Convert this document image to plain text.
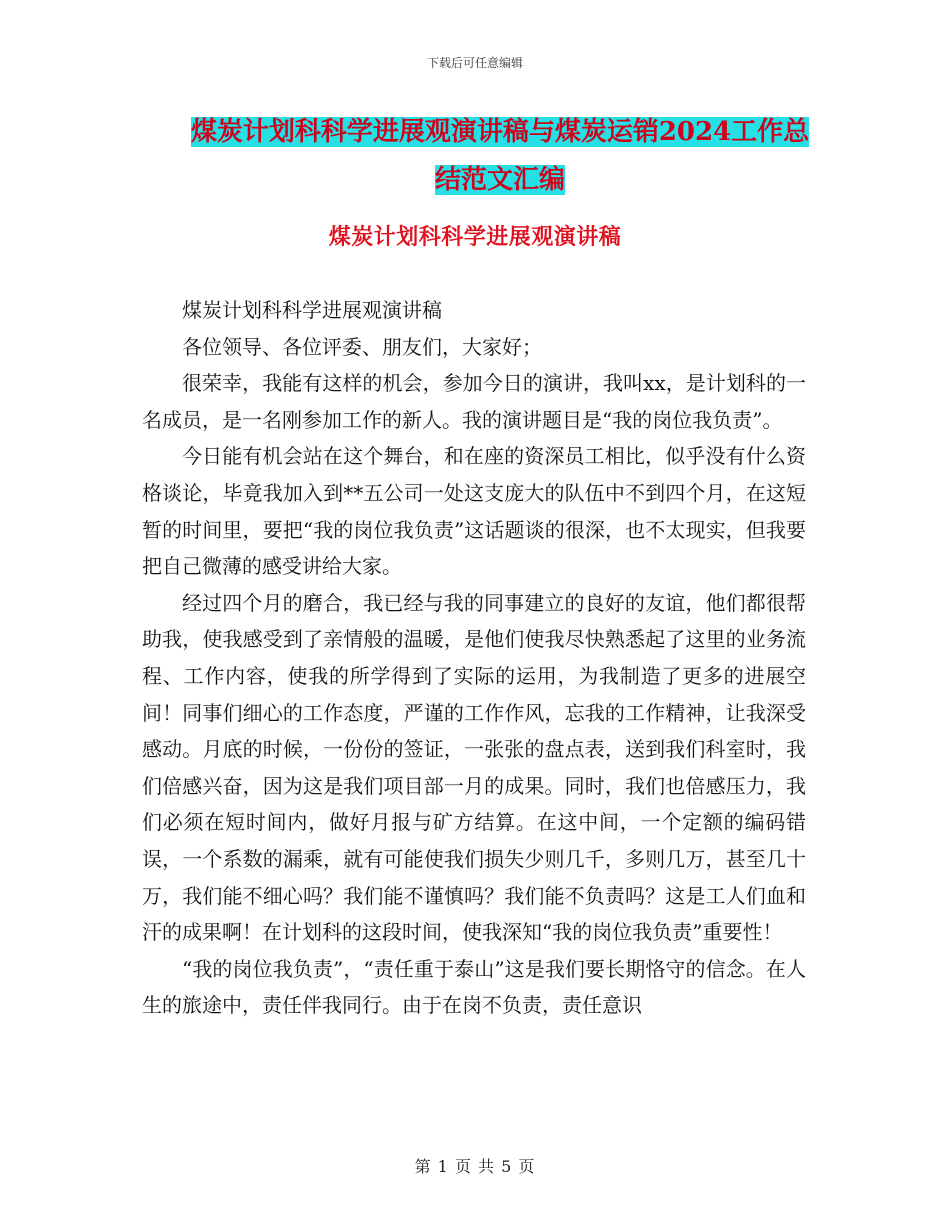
下载后可任意编辑
煤炭计划科科学进展观演讲稿与煤炭运销2024工作总
结范文汇编
煤炭计划科科学进展观演讲稿

煤炭计划科科学进展观演讲稿

各位领导、各位评委、朋友们，大家好；

很荣幸，我能有这样的机会，参加今日的演讲，我叫xx，是计划科的一名成员，是一名刚参加工作的新人。我的演讲题目是“我的岗位我负责”。

今日能有机会站在这个舞台，和在座的资深员工相比，似乎没有什么资格谈论，毕竟我加入到**五公司一处这支庞大的队伍中不到四个月，在这短暂的时间里，要把“我的岗位我负责”这话题谈的很深，也不太现实，但我要把自己微薄的感受讲给大家。

经过四个月的磨合，我已经与我的同事建立的良好的友谊，他们都很帮助我，使我感受到了亲情般的温暖，是他们使我尽快熟悉起了这里的业务流程、工作内容，使我的所学得到了实际的运用，为我制造了更多的进展空间！同事们细心的工作态度，严谨的工作作风，忘我的工作精神，让我深受感动。月底的时候，一份份的签证，一张张的盘点表，送到我们科室时，我们倍感兴奋，因为这是我们项目部一月的成果。同时，我们也倍感压力，我们必须在短时间内，做好月报与矿方结算。在这中间，一个定额的编码错误，一个系数的漏乘，就有可能使我们损失少则几千，多则几万，甚至几十万，我们能不细心吗？我们能不谨慎吗？我们能不负责吗？这是工人们血和汗的成果啊！在计划科的这段时间，使我深知“我的岗位我负责”重要性！

“我的岗位我负责”，“责任重于泰山”这是我们要长期恪守的信念。在人生的旅途中，责任伴我同行。由于在岗不负责，责任意识

第 1 页 共 5 页
